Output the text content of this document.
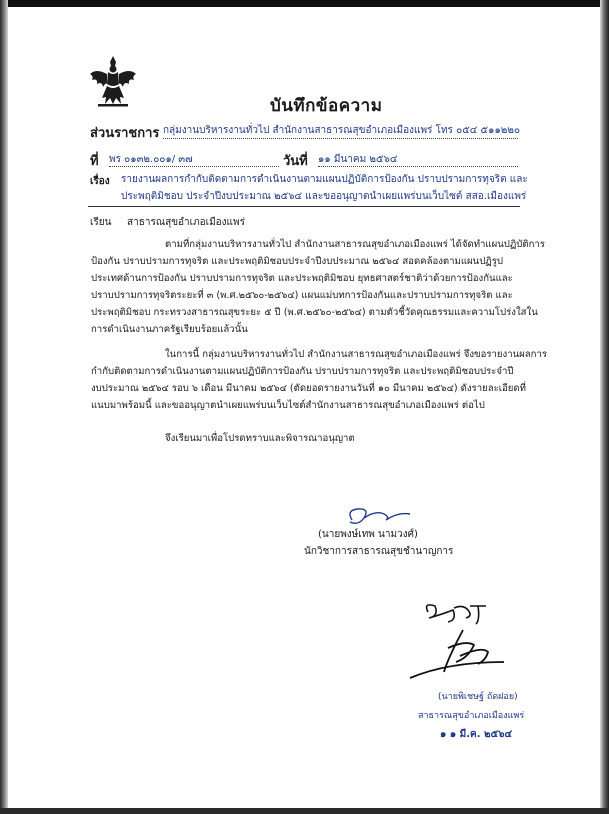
บันทึกข้อความ
ส่วนราชการ กลุ่มงานบริหารงานทั่วไป สำนักงานสาธารณสุขอำเภอเมืองแพร่ โทร ๐๕๔ ๕๑๑๒๒๐
ที่ พร ๐๑๓๒.๐๐๑/ ๓๗	วันที่ ๑๑ มีนาคม ๒๕๖๔
เรื่อง รายงานผลการกำกับติดตามการดำเนินงานตามแผนปฏิบัติการป้องกัน ปราบปรามการทุจริต และ
ประพฤติมิชอบ ประจำปีงบประมาณ ๒๕๖๔ และขออนุญาตนำเผยแพร่บนเว็บไซต์ สสอ.เมืองแพร่
เรียน สาธารณสุขอำเภอเมืองแพร่
ตามที่กลุ่มงานบริหารงานทั่วไป สำนักงานสาธารณสุขอำเภอเมืองแพร่ ได้จัดทำแผนปฏิบัติการ
ป้องกัน ปราบปรามการทุจริต และประพฤติมิชอบประจำปีงบประมาณ ๒๕๖๔ สอดคล้องตามแผนปฏิรูป
ประเทศด้านการป้องกัน ปราบปรามการทุจริต และประพฤติมิชอบ ยุทธศาสตร์ชาติว่าด้วยการป้องกันและ
ปราบปรามการทุจริตระยะที่ ๓ (พ.ศ.๒๕๖๐-๒๕๖๔) แผนแม่บทการป้องกันและปราบปรามการทุจริต และ
ประพฤติมิชอบ กระทรวงสาธารณสุขระยะ ๕ ปี (พ.ศ.๒๕๖๐-๒๕๖๔) ตามตัวชี้วัดคุณธรรมและความโปร่งใสใน
การดำเนินงานภาครัฐเรียบร้อยแล้วนั้น
ในการนี้ กลุ่มงานบริหารงานทั่วไป สำนักงานสาธารณสุขอำเภอเมืองแพร่ จึงขอรายงานผลการ
กำกับติดตามการดำเนินงานตามแผนปฏิบัติการป้องกัน ปราบปรามการทุจริต และประพฤติมิชอบประจำปี
งบประมาณ ๒๕๖๔ รอบ ๖ เดือน มีนาคม ๒๕๖๔ (ตัดยอดรายงานวันที่ ๑๐ มีนาคม ๒๕๖๔) ดังรายละเอียดที่
แนบมาพร้อมนี้ และขออนุญาตนำเผยแพร่บนเว็บไซต์สำนักงานสาธารณสุขอำเภอเมืองแพร่ ต่อไป
จึงเรียนมาเพื่อโปรดทราบและพิจารณาอนุญาต
(นายพงษ์เทพ นามวงศ์)
นักวิชาการสาธารณสุขชำนาญการ
(นายพิเชษฐ์ ถัดฝอย)
สาธารณสุขอำเภอเมืองแพร่
๑ ๑ มี.ค. ๒๕๖๔
